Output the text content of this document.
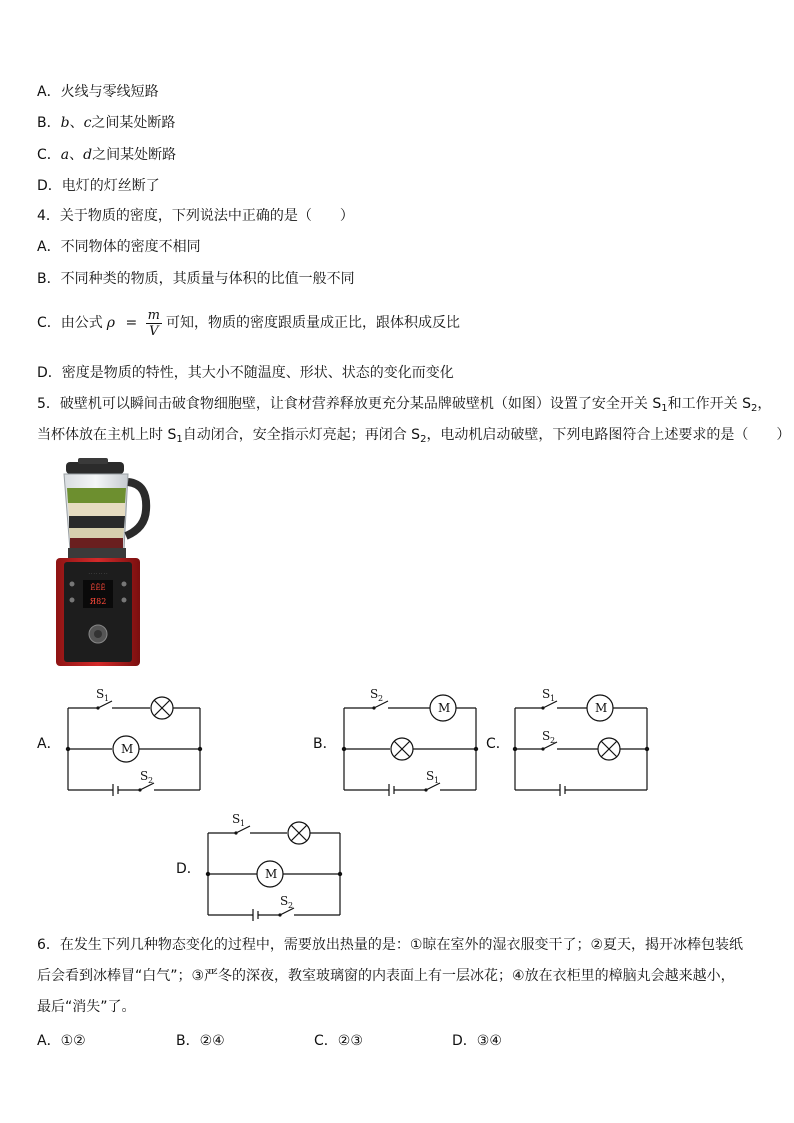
A．火线与零线短路
B．b、c之间某处断路
C．a、d之间某处断路
D．电灯的灯丝断了
4．关于物质的密度，下列说法中正确的是（　　）
A．不同物体的密度不相同
B．不同种类的物质，其质量与体积的比值一般不同
C．由公式 $\rho = \frac{m}{V}$ 可知，物质的密度跟质量成正比，跟体积成反比
D．密度是物质的特性，其大小不随温度、形状、状态的变化而变化
5．破壁机可以瞬间击破食物细胞壁，让食材营养释放更充分某品牌破壁机（如图）设置了安全开关 $S_1$和工作开关 $S_2$，
当杯体放在主机上时 $S_1$自动闭合，安全指示灯亮起；再闭合 $S_2$，电动机启动破壁，下列电路图符合上述要求的是（　　）
· · · · · · · ·
ЁЁЁ
Я82
A．
S 1
M
S 2
B．
S 2
M
S 1
C．
S 1
M
S 2
D．
S 1
M
S 2
6．在发生下列几种物态变化的过程中，需要放出热量的是：①晾在室外的湿衣服变干了；②夏天，揭开冰棒包装纸
后会看到冰棒冒“白气”；③严冬的深夜，教室玻璃窗的内表面上有一层冰花；④放在衣柜里的樟脑丸会越来越小，
最后“消失”了。
A．①②	B．②④	C．②③	D．③④
